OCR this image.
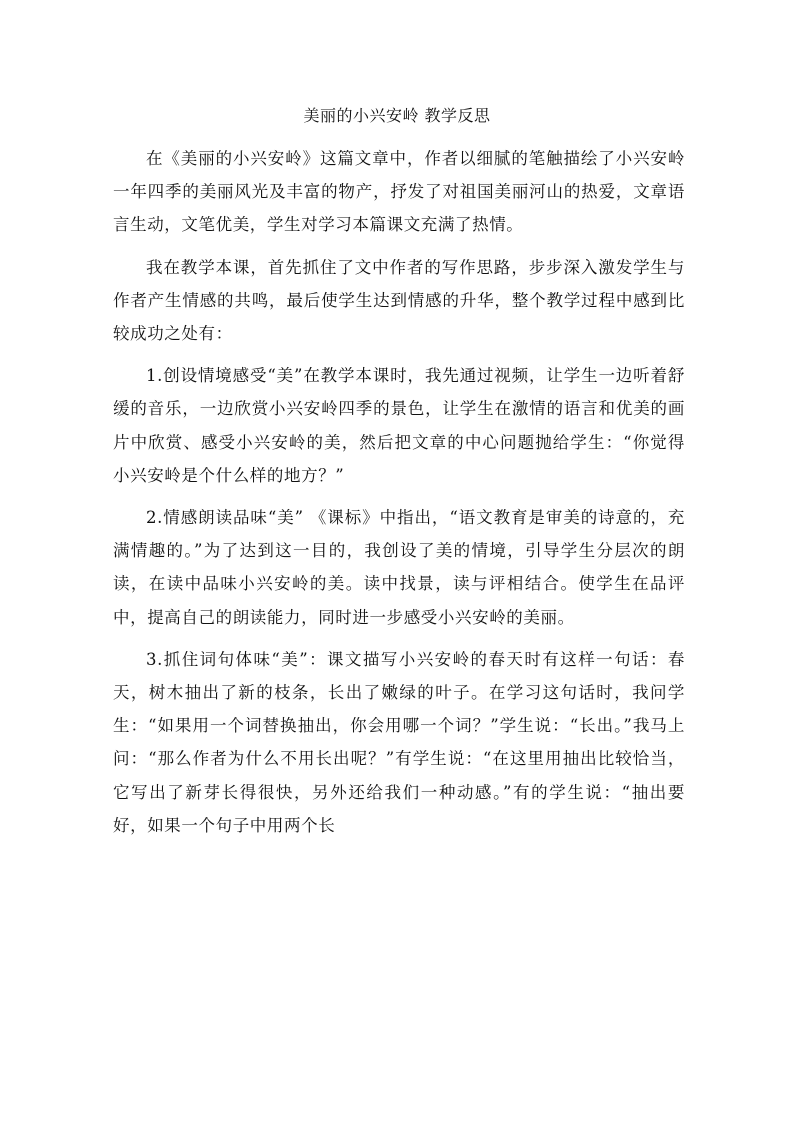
美丽的小兴安岭 教学反思

在《美丽的小兴安岭》这篇文章中，作者以细腻的笔触描绘了小兴安岭一年四季的美丽风光及丰富的物产，抒发了对祖国美丽河山的热爱，文章语言生动，文笔优美，学生对学习本篇课文充满了热情。

我在教学本课，首先抓住了文中作者的写作思路，步步深入激发学生与作者产生情感的共鸣，最后使学生达到情感的升华，整个教学过程中感到比较成功之处有：

1.创设情境感受“美”在教学本课时，我先通过视频，让学生一边听着舒缓的音乐，一边欣赏小兴安岭四季的景色，让学生在激情的语言和优美的画片中欣赏、感受小兴安岭的美，然后把文章的中心问题抛给学生：“你觉得小兴安岭是个什么样的地方？”

2.情感朗读品味“美” 《课标》中指出，“语文教育是审美的诗意的，充满情趣的。”为了达到这一目的，我创设了美的情境，引导学生分层次的朗读，在读中品味小兴安岭的美。读中找景，读与评相结合。使学生在品评中，提高自己的朗读能力，同时进一步感受小兴安岭的美丽。

3.抓住词句体味“美”：课文描写小兴安岭的春天时有这样一句话：春天，树木抽出了新的枝条，长出了嫩绿的叶子。在学习这句话时，我问学生：“如果用一个词替换抽出，你会用哪一个词？”学生说：“长出。”我马上问：“那么作者为什么不用长出呢？”有学生说：“在这里用抽出比较恰当，它写出了新芽长得很快，另外还给我们一种动感。”有的学生说：“抽出要好，如果一个句子中用两个长
